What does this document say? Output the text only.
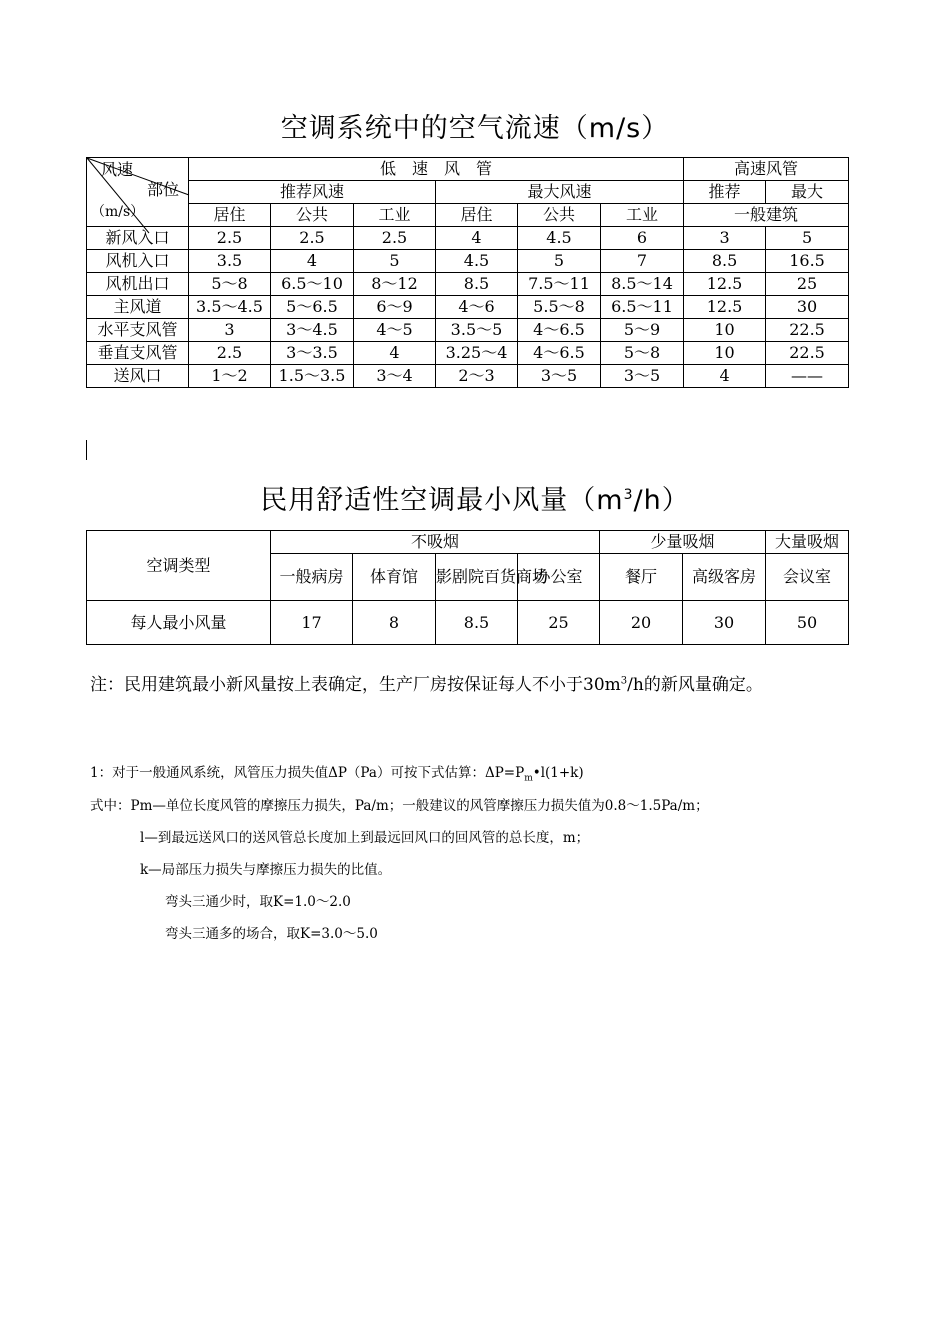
空调系统中的空气流速（m/s）
风速
部位
（m/s）	低　速　风　管						高速风管	
	推荐风速			最大风速			推荐	最大
	居住	公共	工业	居住	公共	工业	一般建筑	
新风入口	2.5	2.5	2.5	4	4.5	6	3	5
风机入口	3.5	4	5	4.5	5	7	8.5	16.5
风机出口	5～8	6.5～10	8～12	8.5	7.5～11	8.5～14	12.5	25
主风道	3.5～4.5	5～6.5	6～9	4～6	5.5～8	6.5～11	12.5	30
水平支风管	3	3～4.5	4～5	3.5～5	4～6.5	5～9	10	22.5
垂直支风管	2.5	3～3.5	4	3.25～4	4～6.5	5～8	10	22.5
送风口	1～2	1.5～3.5	3～4	2～3	3～5	3～5	4	——
民用舒适性空调最小风量$(m^3/h)$
空调类型	不吸烟				少量吸烟		大量吸烟
	一般病房	体育馆	影剧院百货商场	办公室	餐厅	高级客房	会议室
每人最小风量	17	8	8.5	25	20	30	50
注：民用建筑最小新风量按上表确定，生产厂房按保证每人不小于$30m^3/h$的新风量确定。
1：对于一般通风系统，风管压力损失值ΔP（Pa）可按下式估算：$\Delta P=P_m•l(1+k)$
式中：Pm—单位长度风管的摩擦压力损失，Pa/m；一般建议的风管摩擦压力损失值为0.8～1.5Pa/m；
l—到最远送风口的送风管总长度加上到最远回风口的回风管的总长度，m；
k—局部压力损失与摩擦压力损失的比值。
弯头三通少时，取K=1.0～2.0
弯头三通多的场合，取K=3.0～5.0
